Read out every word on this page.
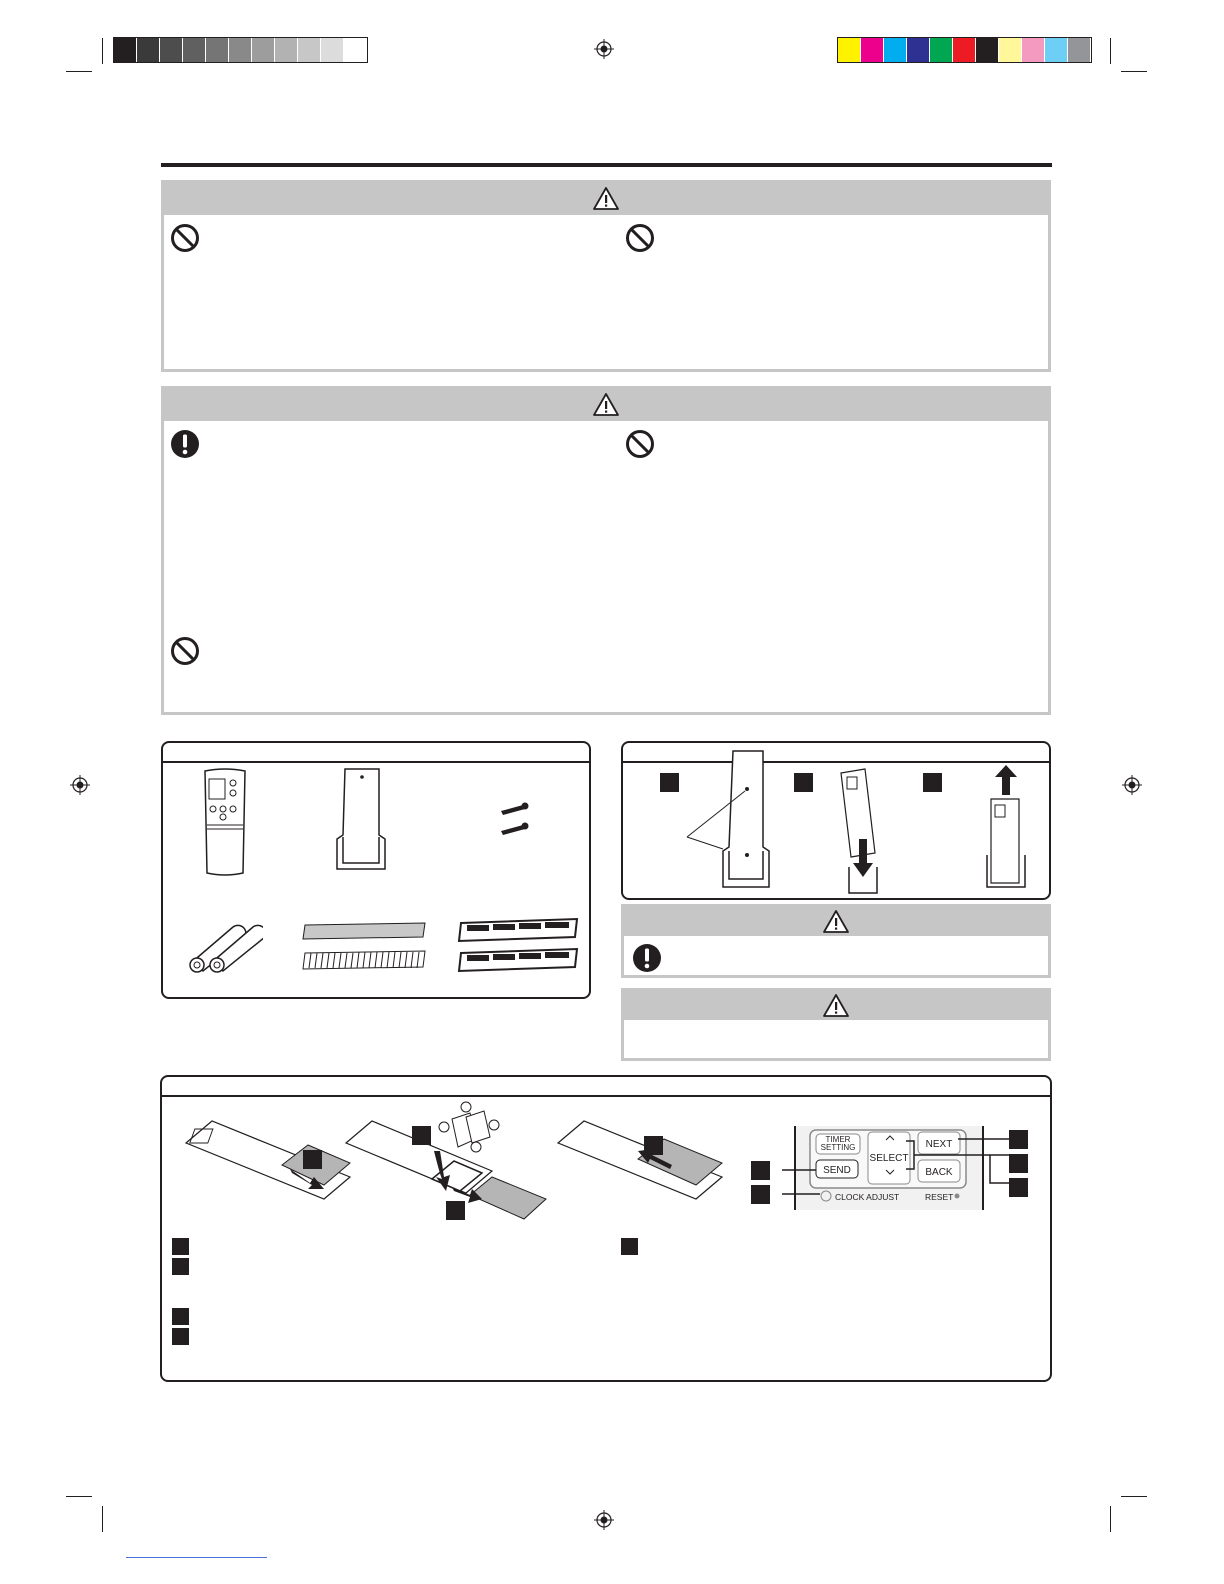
TIMER
SETTING
SEND
SELECT
NEXT
BACK
CLOCK ADJUST	RESET
